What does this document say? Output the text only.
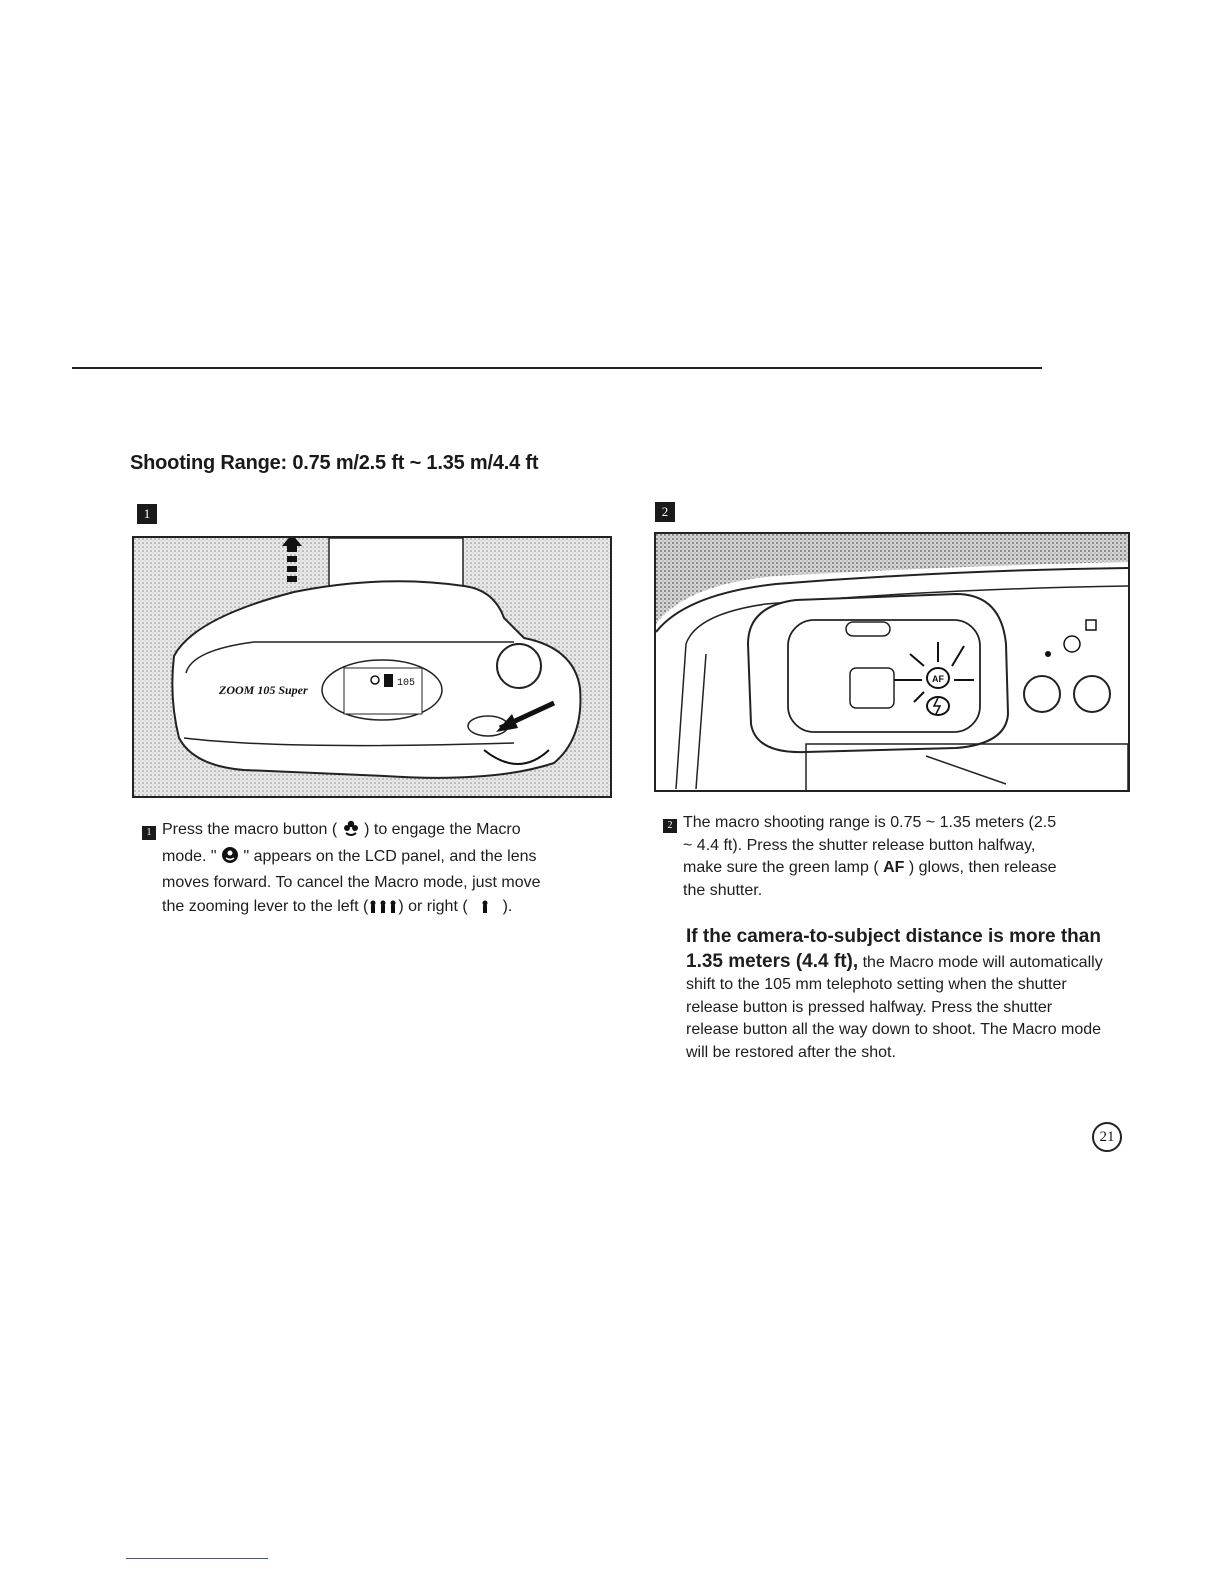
Shooting Range: 0.75 m/2.5 ft ~ 1.35 m/4.4 ft
1
105
ZOOM 105 Super
1 Press the macro button ( ) to engage the Macro
mode. " " appears on the LCD panel, and the lens
moves forward. To cancel the Macro mode, just move
the zooming lever to the left ( ) or right ( ).
2
AF
2 The macro shooting range is 0.75 ~ 1.35 meters (2.5
~ 4.4 ft). Press the shutter release button halfway,
make sure the green lamp ( AF ) glows, then release
the shutter.
If the camera-to-subject distance is more than 1.35 meters (4.4 ft), the Macro mode will automatically shift to the 105 mm telephoto setting when the shutter release button is pressed halfway. Press the shutter release button all the way down to shoot. The Macro mode will be restored after the shot.
21
